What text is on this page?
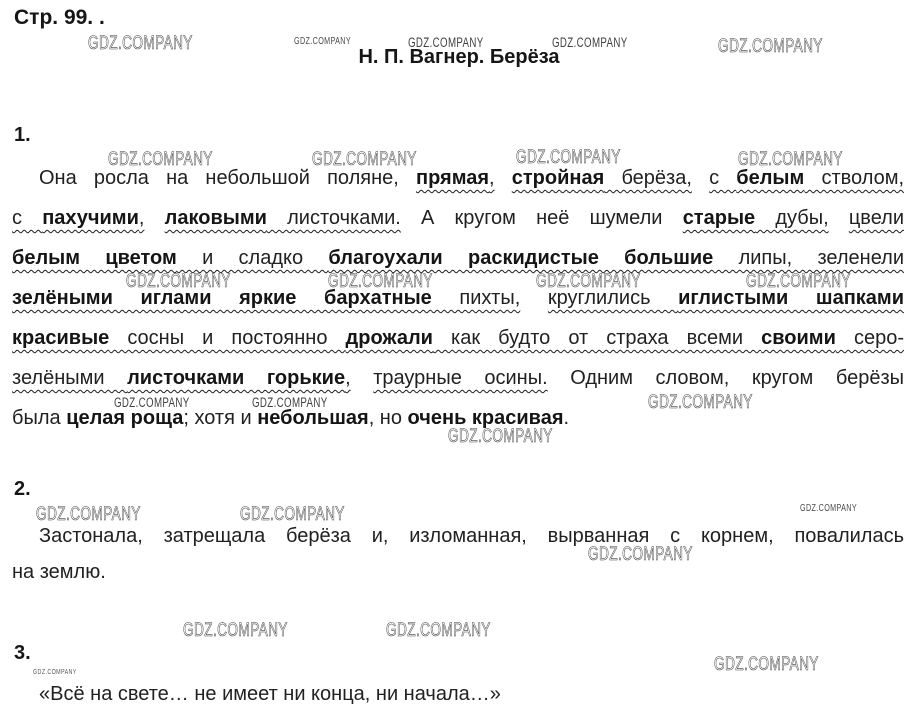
Стр. 99. .
Н. П. Вагнер. Берёза
1.
Она росла на небольшой поляне, прямая, стройная берёза, с белым стволом,
с пахучими, лаковыми листочками. А кругом неё шумели старые дубы, цвели
белым цветом и сладко благоухали раскидистые большие липы, зеленели
зелёными иглами яркие бархатные пихты, круглились иглистыми шапками
красивые сосны и постоянно дрожали как будто от страха всеми своими серо-
зелёными листочками горькие, траурные осины. Одним словом, кругом берёзы
была целая роща; хотя и небольшая, но очень красивая.
2.
Застонала, затрещала берёза и, изломанная, вырванная с корнем, повалилась
на землю.
3.
«Всё на свете… не имеет ни конца, ни начала…»
GDZ.COMPANY	GDZ.COMPANY	GDZ.COMPANY	GDZ.COMPANY	GDZ.COMPANY
GDZ.COMPANY	GDZ.COMPANY	GDZ.COMPANY	GDZ.COMPANY
GDZ.COMPANY	GDZ.COMPANY	GDZ.COMPANY	GDZ.COMPANY
GDZ.COMPANY	GDZ.COMPANY	GDZ.COMPANY
GDZ.COMPANY
GDZ.COMPANY	GDZ.COMPANY	GDZ.COMPANY
GDZ.COMPANY
GDZ.COMPANY	GDZ.COMPANY
GDZ.COMPANY
GDZ.COMPANY
